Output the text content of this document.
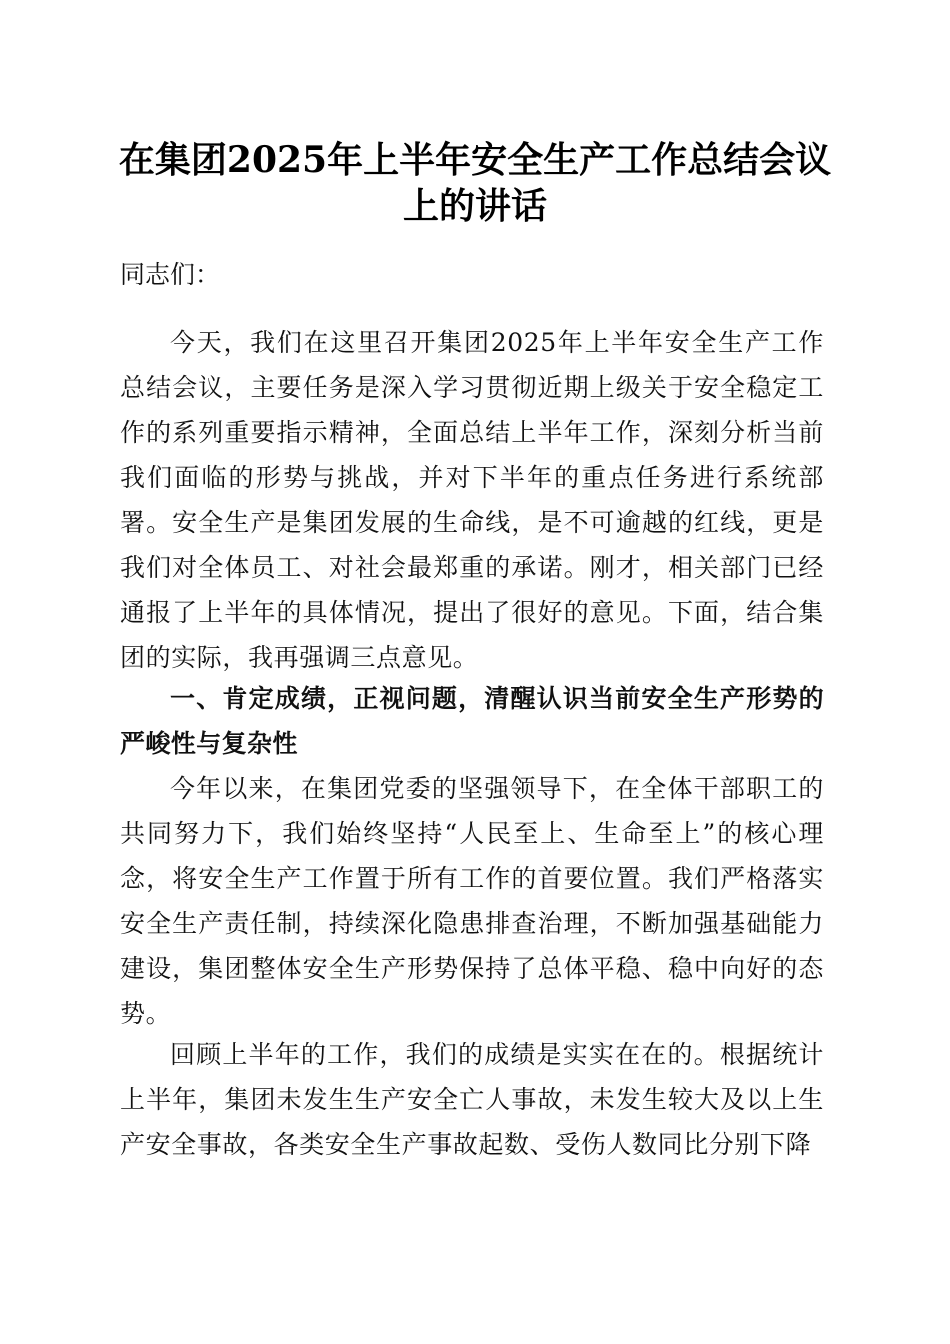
在集团2025年上半年安全生产工作总结会议
上的讲话

同志们：

今天，我们在这里召开集团2025年上半年安全生产工作总结会议，主要任务是深入学习贯彻近期上级关于安全稳定工作的系列重要指示精神，全面总结上半年工作，深刻分析当前我们面临的形势与挑战，并对下半年的重点任务进行系统部署。安全生产是集团发展的生命线，是不可逾越的红线，更是我们对全体员工、对社会最郑重的承诺。刚才，相关部门已经通报了上半年的具体情况，提出了很好的意见。下面，结合集团的实际，我再强调三点意见。

一、肯定成绩，正视问题，清醒认识当前安全生产形势的严峻性与复杂性

今年以来，在集团党委的坚强领导下，在全体干部职工的共同努力下，我们始终坚持“人民至上、生命至上”的核心理念，将安全生产工作置于所有工作的首要位置。我们严格落实安全生产责任制，持续深化隐患排查治理，不断加强基础能力建设，集团整体安全生产形势保持了总体平稳、稳中向好的态势。

回顾上半年的工作，我们的成绩是实实在在的。根据统计上半年，集团未发生生产安全亡人事故，未发生较大及以上生产安全事故，各类安全生产事故起数、受伤人数同比分别下降
